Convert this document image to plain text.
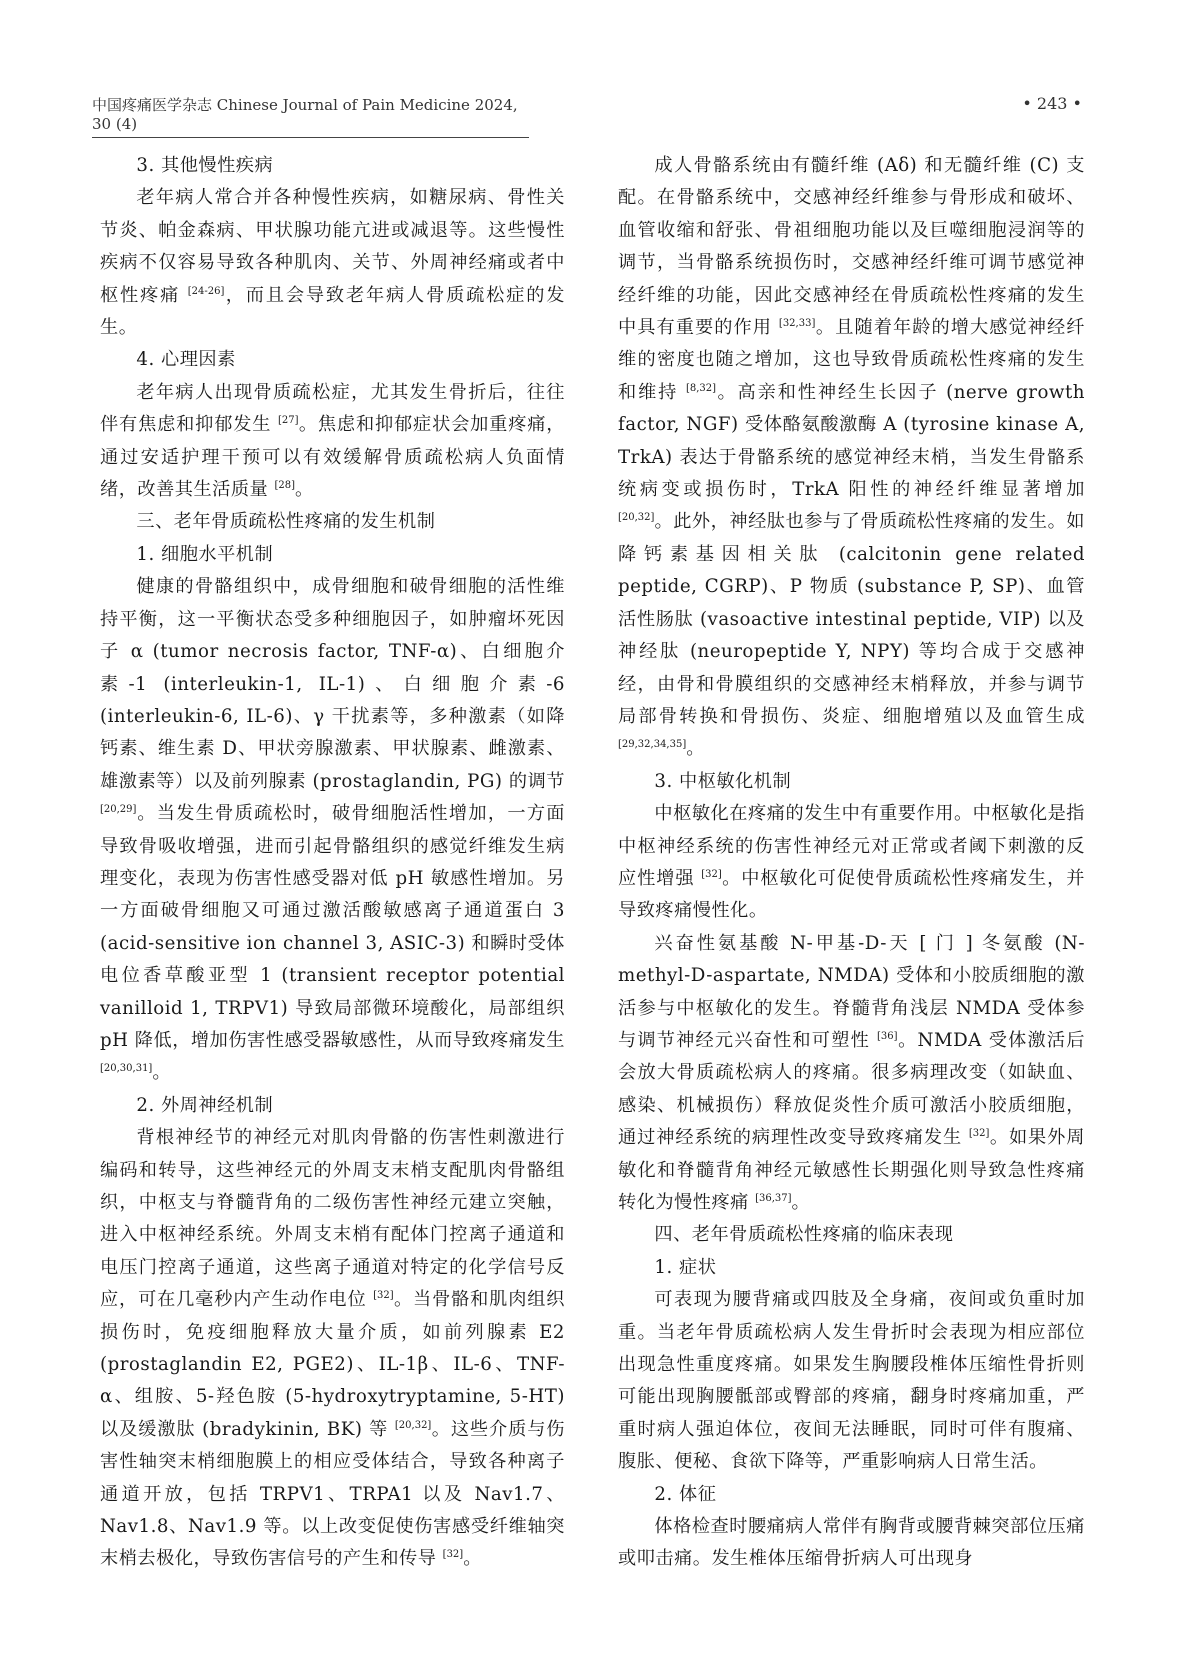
中国疼痛医学杂志 Chinese Journal of Pain Medicine 2024, 30 (4)
• 243 •

3. 其他慢性疾病

老年病人常合并各种慢性疾病，如糖尿病、骨性关节炎、帕金森病、甲状腺功能亢进或减退等。这些慢性疾病不仅容易导致各种肌肉、关节、外周神经痛或者中枢性疼痛 [24-26]，而且会导致老年病人骨质疏松症的发生。

4. 心理因素

老年病人出现骨质疏松症，尤其发生骨折后，往往伴有焦虑和抑郁发生 [27]。焦虑和抑郁症状会加重疼痛，通过安适护理干预可以有效缓解骨质疏松病人负面情绪，改善其生活质量 [28]。

三、老年骨质疏松性疼痛的发生机制

1. 细胞水平机制

健康的骨骼组织中，成骨细胞和破骨细胞的活性维持平衡，这一平衡状态受多种细胞因子，如肿瘤坏死因子 α (tumor necrosis factor, TNF-α)、白细胞介素-1 (interleukin-1, IL-1)、白细胞介素-6 (interleukin-6, IL-6)、γ 干扰素等，多种激素（如降钙素、维生素 D、甲状旁腺激素、甲状腺素、雌激素、雄激素等）以及前列腺素 (prostaglandin, PG) 的调节 [20,29]。当发生骨质疏松时，破骨细胞活性增加，一方面导致骨吸收增强，进而引起骨骼组织的感觉纤维发生病理变化，表现为伤害性感受器对低 pH 敏感性增加。另一方面破骨细胞又可通过激活酸敏感离子通道蛋白 3 (acid-sensitive ion channel 3, ASIC-3) 和瞬时受体电位香草酸亚型 1 (transient receptor potential vanilloid 1, TRPV1) 导致局部微环境酸化，局部组织 pH 降低，增加伤害性感受器敏感性，从而导致疼痛发生 [20,30,31]。

2. 外周神经机制

背根神经节的神经元对肌肉骨骼的伤害性刺激进行编码和转导，这些神经元的外周支末梢支配肌肉骨骼组织，中枢支与脊髓背角的二级伤害性神经元建立突触，进入中枢神经系统。外周支末梢有配体门控离子通道和电压门控离子通道，这些离子通道对特定的化学信号反应，可在几毫秒内产生动作电位 [32]。当骨骼和肌肉组织损伤时，免疫细胞释放大量介质，如前列腺素 E2 (prostaglandin E2, PGE2)、IL-1β、IL-6、TNF-α、组胺、5-羟色胺 (5-hydroxytryptamine, 5-HT) 以及缓激肽 (bradykinin, BK) 等 [20,32]。这些介质与伤害性轴突末梢细胞膜上的相应受体结合，导致各种离子通道开放，包括 TRPV1、TRPA1 以及 Nav1.7、Nav1.8、Nav1.9 等。以上改变促使伤害感受纤维轴突末梢去极化，导致伤害信号的产生和传导 [32]。

成人骨骼系统由有髓纤维 (Aδ) 和无髓纤维 (C) 支配。在骨骼系统中，交感神经纤维参与骨形成和破坏、血管收缩和舒张、骨祖细胞功能以及巨噬细胞浸润等的调节，当骨骼系统损伤时，交感神经纤维可调节感觉神经纤维的功能，因此交感神经在骨质疏松性疼痛的发生中具有重要的作用 [32,33]。且随着年龄的增大感觉神经纤维的密度也随之增加，这也导致骨质疏松性疼痛的发生和维持 [8,32]。高亲和性神经生长因子 (nerve growth factor, NGF) 受体酪氨酸激酶 A (tyrosine kinase A, TrkA) 表达于骨骼系统的感觉神经末梢，当发生骨骼系统病变或损伤时，TrkA 阳性的神经纤维显著增加 [20,32]。此外，神经肽也参与了骨质疏松性疼痛的发生。如降钙素基因相关肽 (calcitonin gene related peptide, CGRP)、P 物质 (substance P, SP)、血管活性肠肽 (vasoactive intestinal peptide, VIP) 以及神经肽 (neuropeptide Y, NPY) 等均合成于交感神经，由骨和骨膜组织的交感神经末梢释放，并参与调节局部骨转换和骨损伤、炎症、细胞增殖以及血管生成 [29,32,34,35]。

3. 中枢敏化机制

中枢敏化在疼痛的发生中有重要作用。中枢敏化是指中枢神经系统的伤害性神经元对正常或者阈下刺激的反应性增强 [32]。中枢敏化可促使骨质疏松性疼痛发生，并导致疼痛慢性化。

兴奋性氨基酸 N-甲基-D-天 [ 门 ] 冬氨酸 (N-methyl-D-aspartate, NMDA) 受体和小胶质细胞的激活参与中枢敏化的发生。脊髓背角浅层 NMDA 受体参与调节神经元兴奋性和可塑性 [36]。NMDA 受体激活后会放大骨质疏松病人的疼痛。很多病理改变（如缺血、感染、机械损伤）释放促炎性介质可激活小胶质细胞，通过神经系统的病理性改变导致疼痛发生 [32]。如果外周敏化和脊髓背角神经元敏感性长期强化则导致急性疼痛转化为慢性疼痛 [36,37]。

四、老年骨质疏松性疼痛的临床表现

1. 症状

可表现为腰背痛或四肢及全身痛，夜间或负重时加重。当老年骨质疏松病人发生骨折时会表现为相应部位出现急性重度疼痛。如果发生胸腰段椎体压缩性骨折则可能出现胸腰骶部或臀部的疼痛，翻身时疼痛加重，严重时病人强迫体位，夜间无法睡眠，同时可伴有腹痛、腹胀、便秘、食欲下降等，严重影响病人日常生活。

2. 体征

体格检查时腰痛病人常伴有胸背或腰背棘突部位压痛或叩击痛。发生椎体压缩骨折病人可出现身
